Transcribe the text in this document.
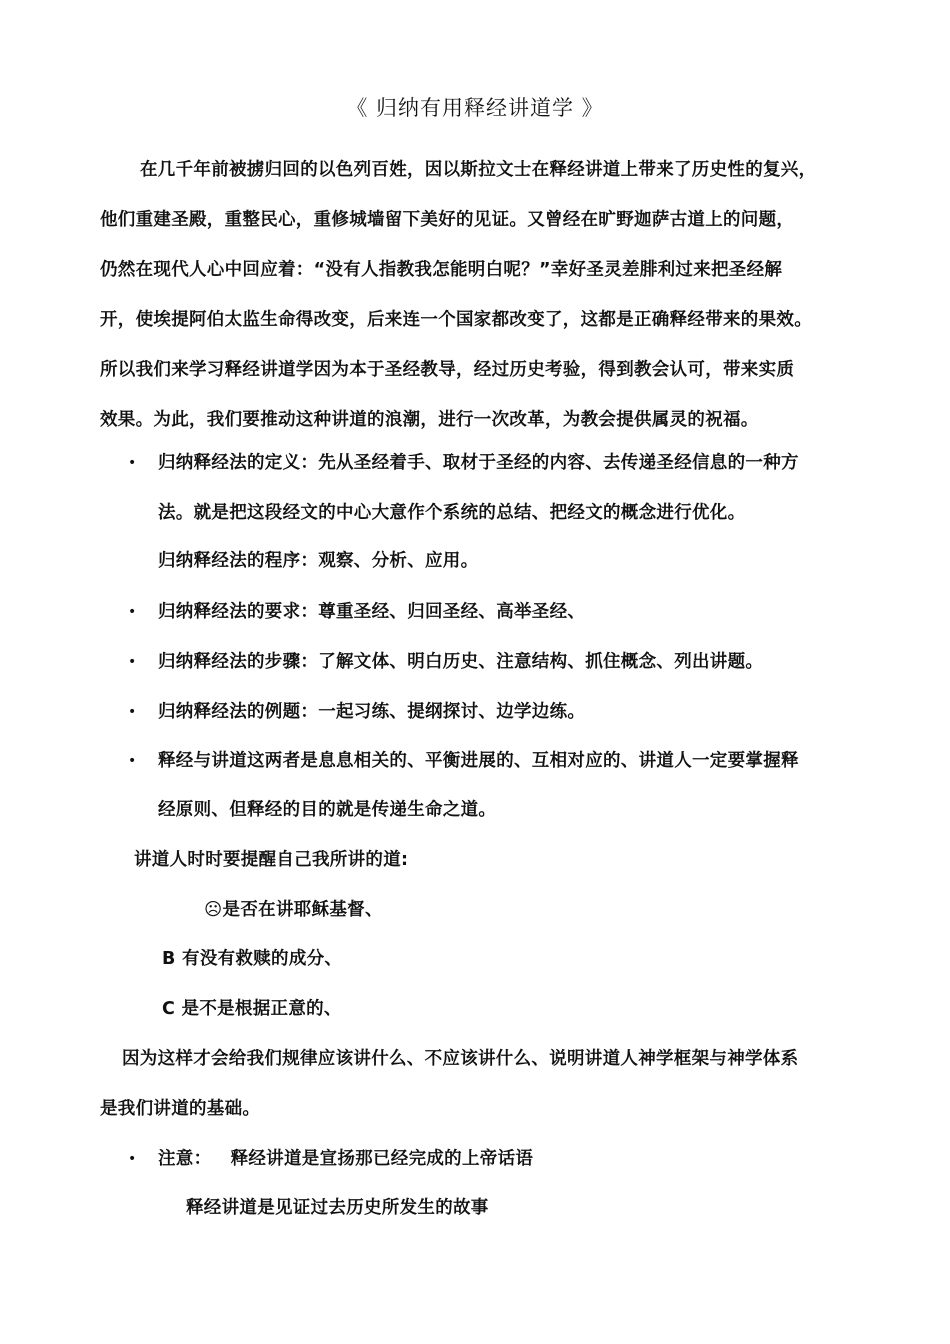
《 归纳有用释经讲道学 》

在几千年前被掳归回的以色列百姓，因以斯拉文士在释经讲道上带来了历史性的复兴，

他们重建圣殿，重整民心，重修城墙留下美好的见证。又曾经在旷野迦萨古道上的问题，

仍然在现代人心中回应着：“没有人指教我怎能明白呢？”幸好圣灵差腓利过来把圣经解

开，使埃提阿伯太监生命得改变，后来连一个国家都改变了，这都是正确释经带来的果效。

所以我们来学习释经讲道学因为本于圣经教导，经过历史考验，得到教会认可，带来实质

效果。为此，我们要推动这种讲道的浪潮，进行一次改革，为教会提供属灵的祝福。

• 归纳释经法的定义：先从圣经着手、取材于圣经的内容、去传递圣经信息的一种方
法。就是把这段经文的中心大意作个系统的总结、把经文的概念进行优化。
归纳释经法的程序：观察、分析、应用。
• 归纳释经法的要求：尊重圣经、归回圣经、高举圣经、
• 归纳释经法的步骤：了解文体、明白历史、注意结构、抓住概念、列出讲题。
• 归纳释经法的例题：一起习练、提纲探讨、边学边练。
• 释经与讲道这两者是息息相关的、平衡进展的、互相对应的、讲道人一定要掌握释
经原则、但释经的目的就是传递生命之道。
讲道人时时要提醒自己我所讲的道:
☹是否在讲耶稣基督、
B 有没有救赎的成分、
C 是不是根据正意的、
因为这样才会给我们规律应该讲什么、不应该讲什么、说明讲道人神学框架与神学体系
是我们讲道的基础。
• 注意：   释经讲道是宣扬那已经完成的上帝话语
释经讲道是见证过去历史所发生的故事
